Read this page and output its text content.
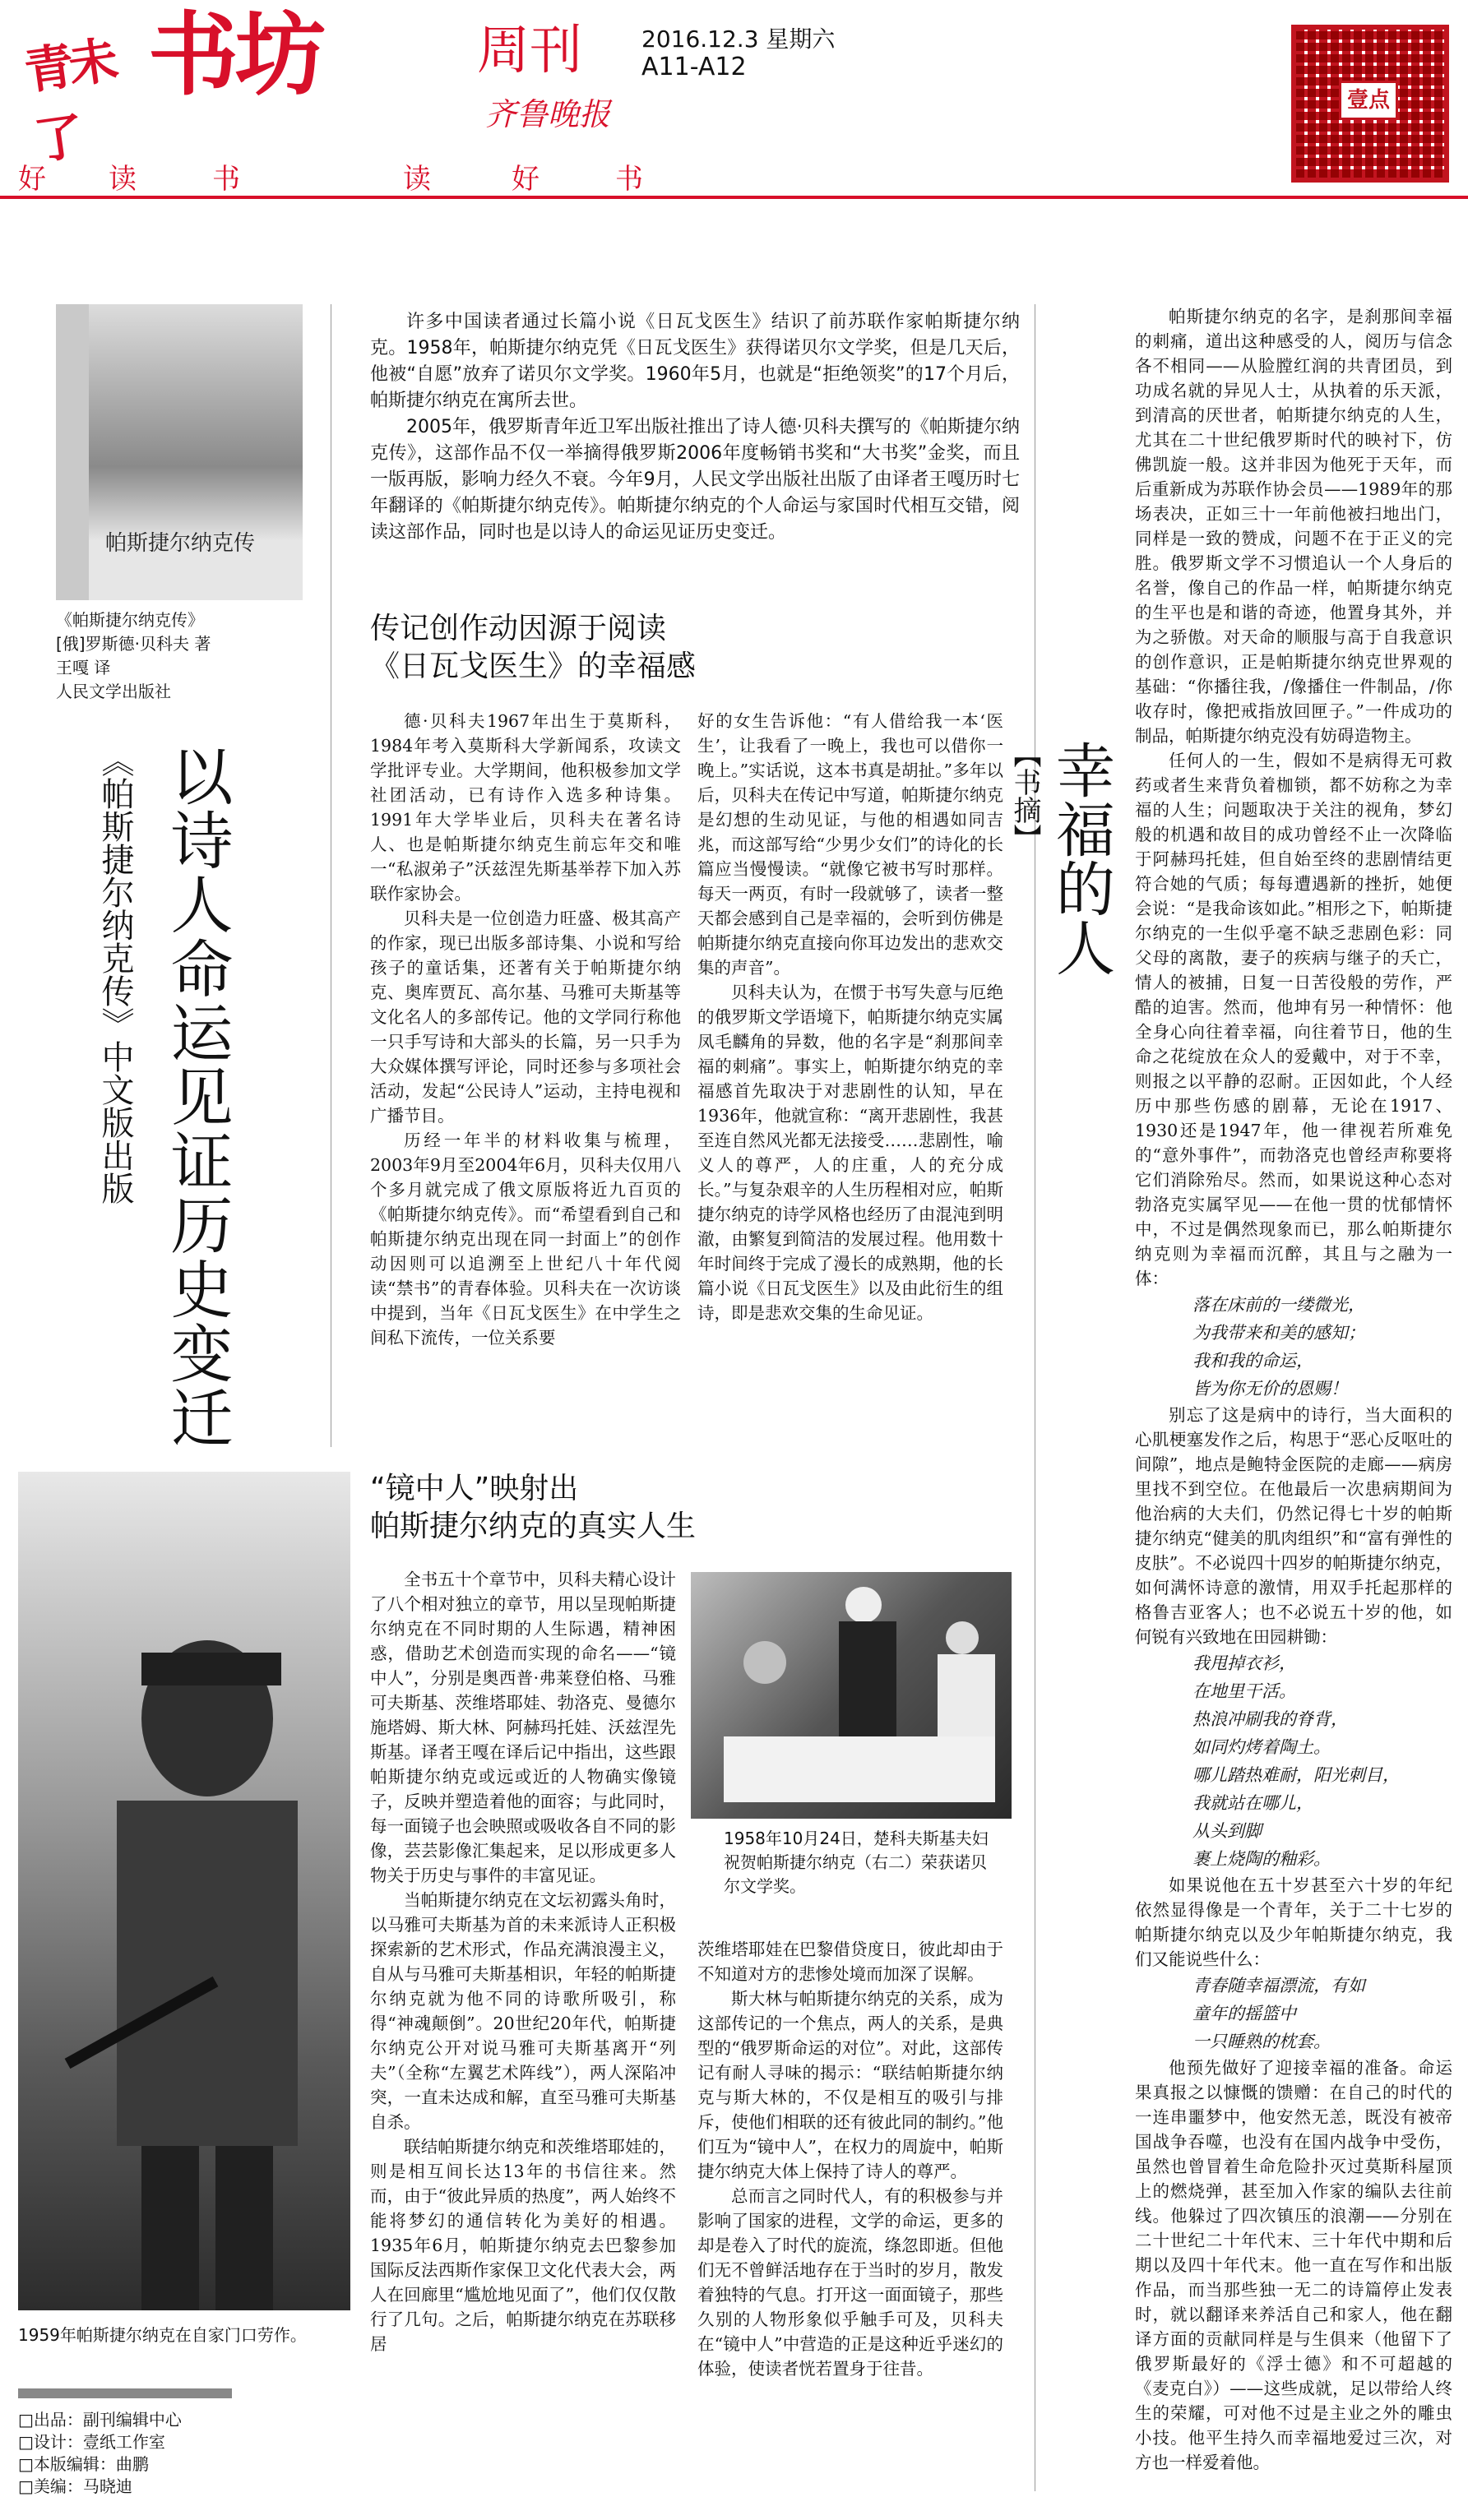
青未了
书坊	周刊
齐鲁晚报
2016.12.3 星期六
A11-A12
壹点
好 读	书	读	好	书
帕斯捷尔纳克传
《帕斯捷尔纳克传》
[俄]罗斯德·贝科夫 著
王嘎 译
人民文学出版社
以诗人命运见证历史变迁
《帕斯捷尔纳克传》中文版出版

许多中国读者通过长篇小说《日瓦戈医生》结识了前苏联作家帕斯捷尔纳克。1958年，帕斯捷尔纳克凭《日瓦戈医生》获得诺贝尔文学奖，但是几天后，他被“自愿”放弃了诺贝尔文学奖。1960年5月，也就是“拒绝领奖”的17个月后，帕斯捷尔纳克在寓所去世。

2005年，俄罗斯青年近卫军出版社推出了诗人德·贝科夫撰写的《帕斯捷尔纳克传》，这部作品不仅一举摘得俄罗斯2006年度畅销书奖和“大书奖”金奖，而且一版再版，影响力经久不衰。今年9月，人民文学出版社出版了由译者王嘎历时七年翻译的《帕斯捷尔纳克传》。帕斯捷尔纳克的个人命运与家国时代相互交错，阅读这部作品，同时也是以诗人的命运见证历史变迁。

传记创作动因源于阅读
《日瓦戈医生》的幸福感

德·贝科夫1967年出生于莫斯科，1984年考入莫斯科大学新闻系，攻读文学批评专业。大学期间，他积极参加文学社团活动，已有诗作入选多种诗集。1991年大学毕业后，贝科夫在著名诗人、也是帕斯捷尔纳克生前忘年交和唯一“私淑弟子”沃兹涅先斯基举荐下加入苏联作家协会。

贝科夫是一位创造力旺盛、极其高产的作家，现已出版多部诗集、小说和写给孩子的童话集，还著有关于帕斯捷尔纳克、奥库贾瓦、高尔基、马雅可夫斯基等文化名人的多部传记。他的文学同行称他一只手写诗和大部头的长篇，另一只手为大众媒体撰写评论，同时还参与多项社会活动，发起“公民诗人”运动，主持电视和广播节目。

历经一年半的材料收集与梳理，2003年9月至2004年6月，贝科夫仅用八个多月就完成了俄文原版将近九百页的《帕斯捷尔纳克传》。而“希望看到自己和帕斯捷尔纳克出现在同一封面上”的创作动因则可以追溯至上世纪八十年代阅读“禁书”的青春体验。贝科夫在一次访谈中提到，当年《日瓦戈医生》在中学生之间私下流传，一位关系要

好的女生告诉他：“有人借给我一本‘医生’，让我看了一晚上，我也可以借你一晚上。”实话说，这本书真是胡扯。”多年以后，贝科夫在传记中写道，帕斯捷尔纳克是幻想的生动见证，与他的相遇如同吉兆，而这部写给“少男少女们”的诗化的长篇应当慢慢读。“就像它被书写时那样。每天一两页，有时一段就够了，读者一整天都会感到自己是幸福的，会听到仿佛是帕斯捷尔纳克直接向你耳边发出的悲欢交集的声音”。

贝科夫认为，在惯于书写失意与厄绝的俄罗斯文学语境下，帕斯捷尔纳克实属凤毛麟角的异数，他的名字是“刹那间幸福的刺痛”。事实上，帕斯捷尔纳克的幸福感首先取决于对悲剧性的认知，早在1936年，他就宣称：“离开悲剧性，我甚至连自然风光都无法接受……悲剧性，喻义人的尊严，人的庄重，人的充分成长。”与复杂艰辛的人生历程相对应，帕斯捷尔纳克的诗学风格也经历了由混沌到明澈，由繁复到简洁的发展过程。他用数十年时间终于完成了漫长的成熟期，他的长篇小说《日瓦戈医生》以及由此衍生的组诗，即是悲欢交集的生命见证。

“镜中人”映射出
帕斯捷尔纳克的真实人生
1959年帕斯捷尔纳克在自家门口劳作。

全书五十个章节中，贝科夫精心设计了八个相对独立的章节，用以呈现帕斯捷尔纳克在不同时期的人生际遇，精神困惑，借助艺术创造而实现的命名——“镜中人”，分别是奥西普·弗莱登伯格、马雅可夫斯基、茨维塔耶娃、勃洛克、曼德尔施塔姆、斯大林、阿赫玛托娃、沃兹涅先斯基。译者王嘎在译后记中指出，这些跟帕斯捷尔纳克或远或近的人物确实像镜子，反映并塑造着他的面容；与此同时，每一面镜子也会映照或吸收各自不同的影像，芸芸影像汇集起来，足以形成更多人物关于历史与事件的丰富见证。

当帕斯捷尔纳克在文坛初露头角时，以马雅可夫斯基为首的未来派诗人正积极探索新的艺术形式，作品充满浪漫主义，自从与马雅可夫斯基相识，年轻的帕斯捷尔纳克就为他不同的诗歌所吸引，称得“神魂颠倒”。20世纪20年代，帕斯捷尔纳克公开对说马雅可夫斯基离开“列夫”（全称“左翼艺术阵线”），两人深陷冲突，一直未达成和解，直至马雅可夫斯基自杀。

联结帕斯捷尔纳克和茨维塔耶娃的，则是相互间长达13年的书信往来。然而，由于“彼此异质的热度”，两人始终不能将梦幻的通信转化为美好的相遇。1935年6月，帕斯捷尔纳克去巴黎参加国际反法西斯作家保卫文化代表大会，两人在回廊里“尴尬地见面了”，他们仅仅散行了几句。之后，帕斯捷尔纳克在苏联移居

1958年10月24日，楚科夫斯基夫妇祝贺帕斯捷尔纳克（右二）荣获诺贝尔文学奖。

茨维塔耶娃在巴黎借贷度日，彼此却由于不知道对方的悲惨处境而加深了误解。

斯大林与帕斯捷尔纳克的关系，成为这部传记的一个焦点，两人的关系，是典型的“俄罗斯命运的对位”。对此，这部传记有耐人寻味的揭示：“联结帕斯捷尔纳克与斯大林的，不仅是相互的吸引与排斥，使他们相联的还有彼此同的制约。”他们互为“镜中人”，在权力的周旋中，帕斯捷尔纳克大体上保持了诗人的尊严。

总而言之同时代人，有的积极参与并影响了国家的进程，文学的命运，更多的却是卷入了时代的旋流，绦忽即逝。但他们无不曾鲜活地存在于当时的岁月，散发着独特的气息。打开这一面面镜子，那些久别的人物形象似乎触手可及，贝科夫在“镜中人”中营造的正是这种近乎迷幻的体验，使读者恍若置身于往昔。

幸福的人
【书摘】

帕斯捷尔纳克的名字，是刹那间幸福的刺痛，道出这种感受的人，阅历与信念各不相同——从脸膛红润的共青团员，到功成名就的异见人士，从执着的乐天派，到清高的厌世者，帕斯捷尔纳克的人生，尤其在二十世纪俄罗斯时代的映衬下，仿佛凯旋一般。这并非因为他死于天年，而后重新成为苏联作协会员——1989年的那场表决，正如三十一年前他被扫地出门，同样是一致的赞成，问题不在于正义的完胜。俄罗斯文学不习惯追认一个人身后的名誉，像自己的作品一样，帕斯捷尔纳克的生平也是和谐的奇迹，他置身其外，并为之骄傲。对天命的顺服与高于自我意识的创作意识，正是帕斯捷尔纳克世界观的基础：“你播往我，/像播住一件制品，/你收存时，像把戒指放回匣子。”一件成功的制品，帕斯捷尔纳克没有妨碍造物主。

任何人的一生，假如不是病得无可救药或者生来背负着枷锁，都不妨称之为幸福的人生；问题取决于关注的视角，梦幻般的机遇和故目的成功曾经不止一次降临于阿赫玛托娃，但自始至终的悲剧情结更符合她的气质；每每遭遇新的挫折，她便会说：“是我命该如此。”相形之下，帕斯捷尔纳克的一生似乎毫不缺乏悲剧色彩：同父母的离散，妻子的疾病与继子的夭亡，情人的被捕，日复一日苦役般的劳作，严酷的迫害。然而，他坤有另一种情怀：他全身心向往着幸福，向往着节日，他的生命之花绽放在众人的爱戴中，对于不幸，则报之以平静的忍耐。正因如此，个人经历中那些伤感的剧幕，无论在1917、1930还是1947年，他一律视若所难免的“意外事件”，而勃洛克也曾经声称要将它们消除殆尽。然而，如果说这种心态对勃洛克实属罕见——在他一贯的忧郁情怀中，不过是偶然现象而已，那么帕斯捷尔纳克则为幸福而沉醉，其且与之融为一体：

落在床前的一缕微光，
为我带来和美的感知；
我和我的命运，
皆为你无价的恩赐！

别忘了这是病中的诗行，当大面积的心肌梗塞发作之后，构思于“恶心反呕吐的间隙”，地点是鲍特金医院的走廊——病房里找不到空位。在他最后一次患病期间为他治病的大夫们，仍然记得七十岁的帕斯捷尔纳克“健美的肌肉组织”和“富有弹性的皮肤”。不必说四十四岁的帕斯捷尔纳克，如何满怀诗意的激情，用双手托起那样的格鲁吉亚客人；也不必说五十岁的他，如何锐有兴致地在田园耕锄：

我甩掉衣衫，
在地里干活。
热浪冲刷我的脊背，
如同灼烤着陶土。
哪儿踏热难耐，阳光刺目，
我就站在哪儿，
从头到脚
裹上烧陶的釉彩。

如果说他在五十岁甚至六十岁的年纪依然显得像是一个青年，关于二十七岁的帕斯捷尔纳克以及少年帕斯捷尔纳克，我们又能说些什么：

青春随幸福漂流，有如
童年的摇篮中
一只睡熟的枕套。

他预先做好了迎接幸福的准备。命运果真报之以慷慨的馈赠：在自己的时代的一连串噩梦中，他安然无恙，既没有被帝国战争吞噬，也没有在国内战争中受伤，虽然也曾冒着生命危险扑灭过莫斯科屋顶上的燃烧弹，甚至加入作家的编队去往前线。他躲过了四次镇压的浪潮——分别在二十世纪二十年代末、三十年代中期和后期以及四十年代末。他一直在写作和出版作品，而当那些独一无二的诗篇停止发表时，就以翻译来养活自己和家人，他在翻译方面的贡献同样是与生俱来（他留下了俄罗斯最好的《浮士德》和不可超越的《麦克白》）——这些成就，足以带给人终生的荣耀，可对他不过是主业之外的雕虫小技。他平生持久而幸福地爱过三次，对方也一样爱着他。

□出品：副刊编辑中心
□设计：壹纸工作室
□本版编辑：曲鹏
□美编：马晓迪
